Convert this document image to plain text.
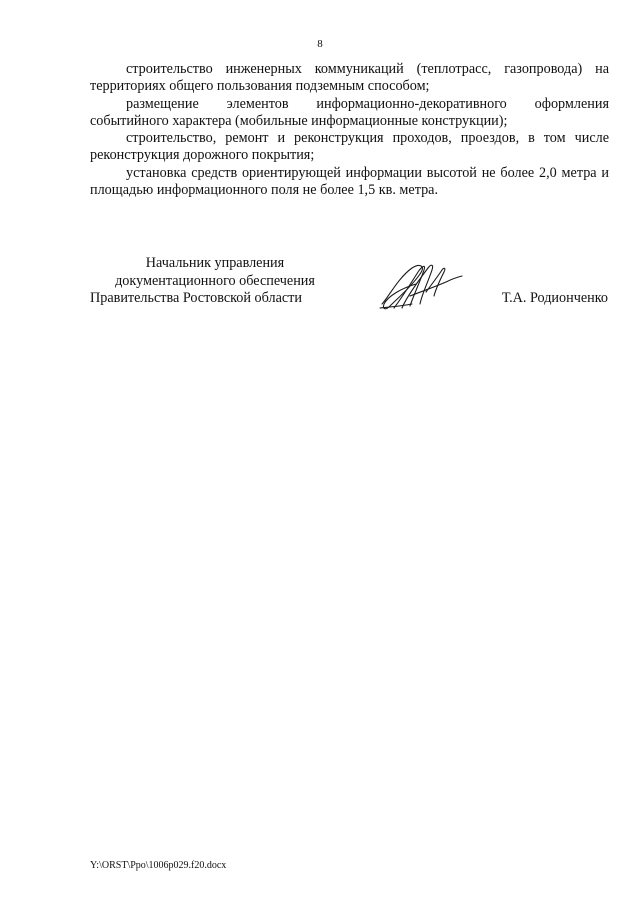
8

строительство инженерных коммуникаций (теплотрасс, газопровода) на территориях общего пользования подземным способом;

размещение элементов информационно-декоративного оформления событийного характера (мобильные информационные конструкции);

строительство, ремонт и реконструкция проходов, проездов, в том числе реконструкция дорожного покрытия;

установка средств ориентирующей информации высотой не более 2,0 метра и площадью информационного поля не более 1,5 кв. метра.

Начальник управления
документационного обеспечения
Правительства Ростовской области	Т.А. Родионченко
Y:\ORST\Ppo\1006p029.f20.docx
